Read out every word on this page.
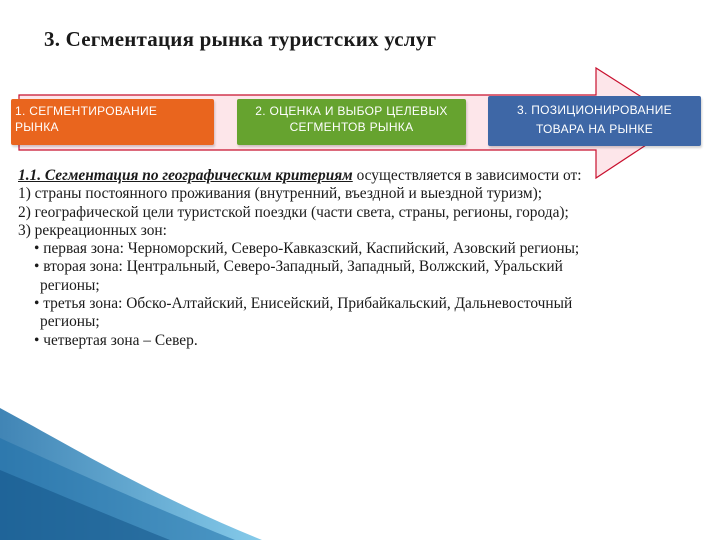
3. Сегментация рынка туристских услуг
1. СЕГМЕНТИРОВАНИЕ
РЫНКА
2. ОЦЕНКА И ВЫБОР ЦЕЛЕВЫХ
СЕГМЕНТОВ РЫНКА
3. ПОЗИЦИОНИРОВАНИЕ
ТОВАРА НА РЫНКЕ

1.1. Сегментация по географическим критериям осуществляется в зависимости от:

1) страны постоянного проживания (внутренний, въездной и выездной туризм);

2) географической цели туристской поездки (части света, страны, регионы, города);

3) рекреационных зон:

• первая зона: Черноморский, Северо-Кавказский, Каспийский, Азовский регионы;

• вторая зона: Центральный, Северо-Западный, Западный, Волжский, Уральский

регионы;

• третья зона: Обско-Алтайский, Енисейский, Прибайкальский, Дальневосточный

регионы;

• четвертая зона – Север.
